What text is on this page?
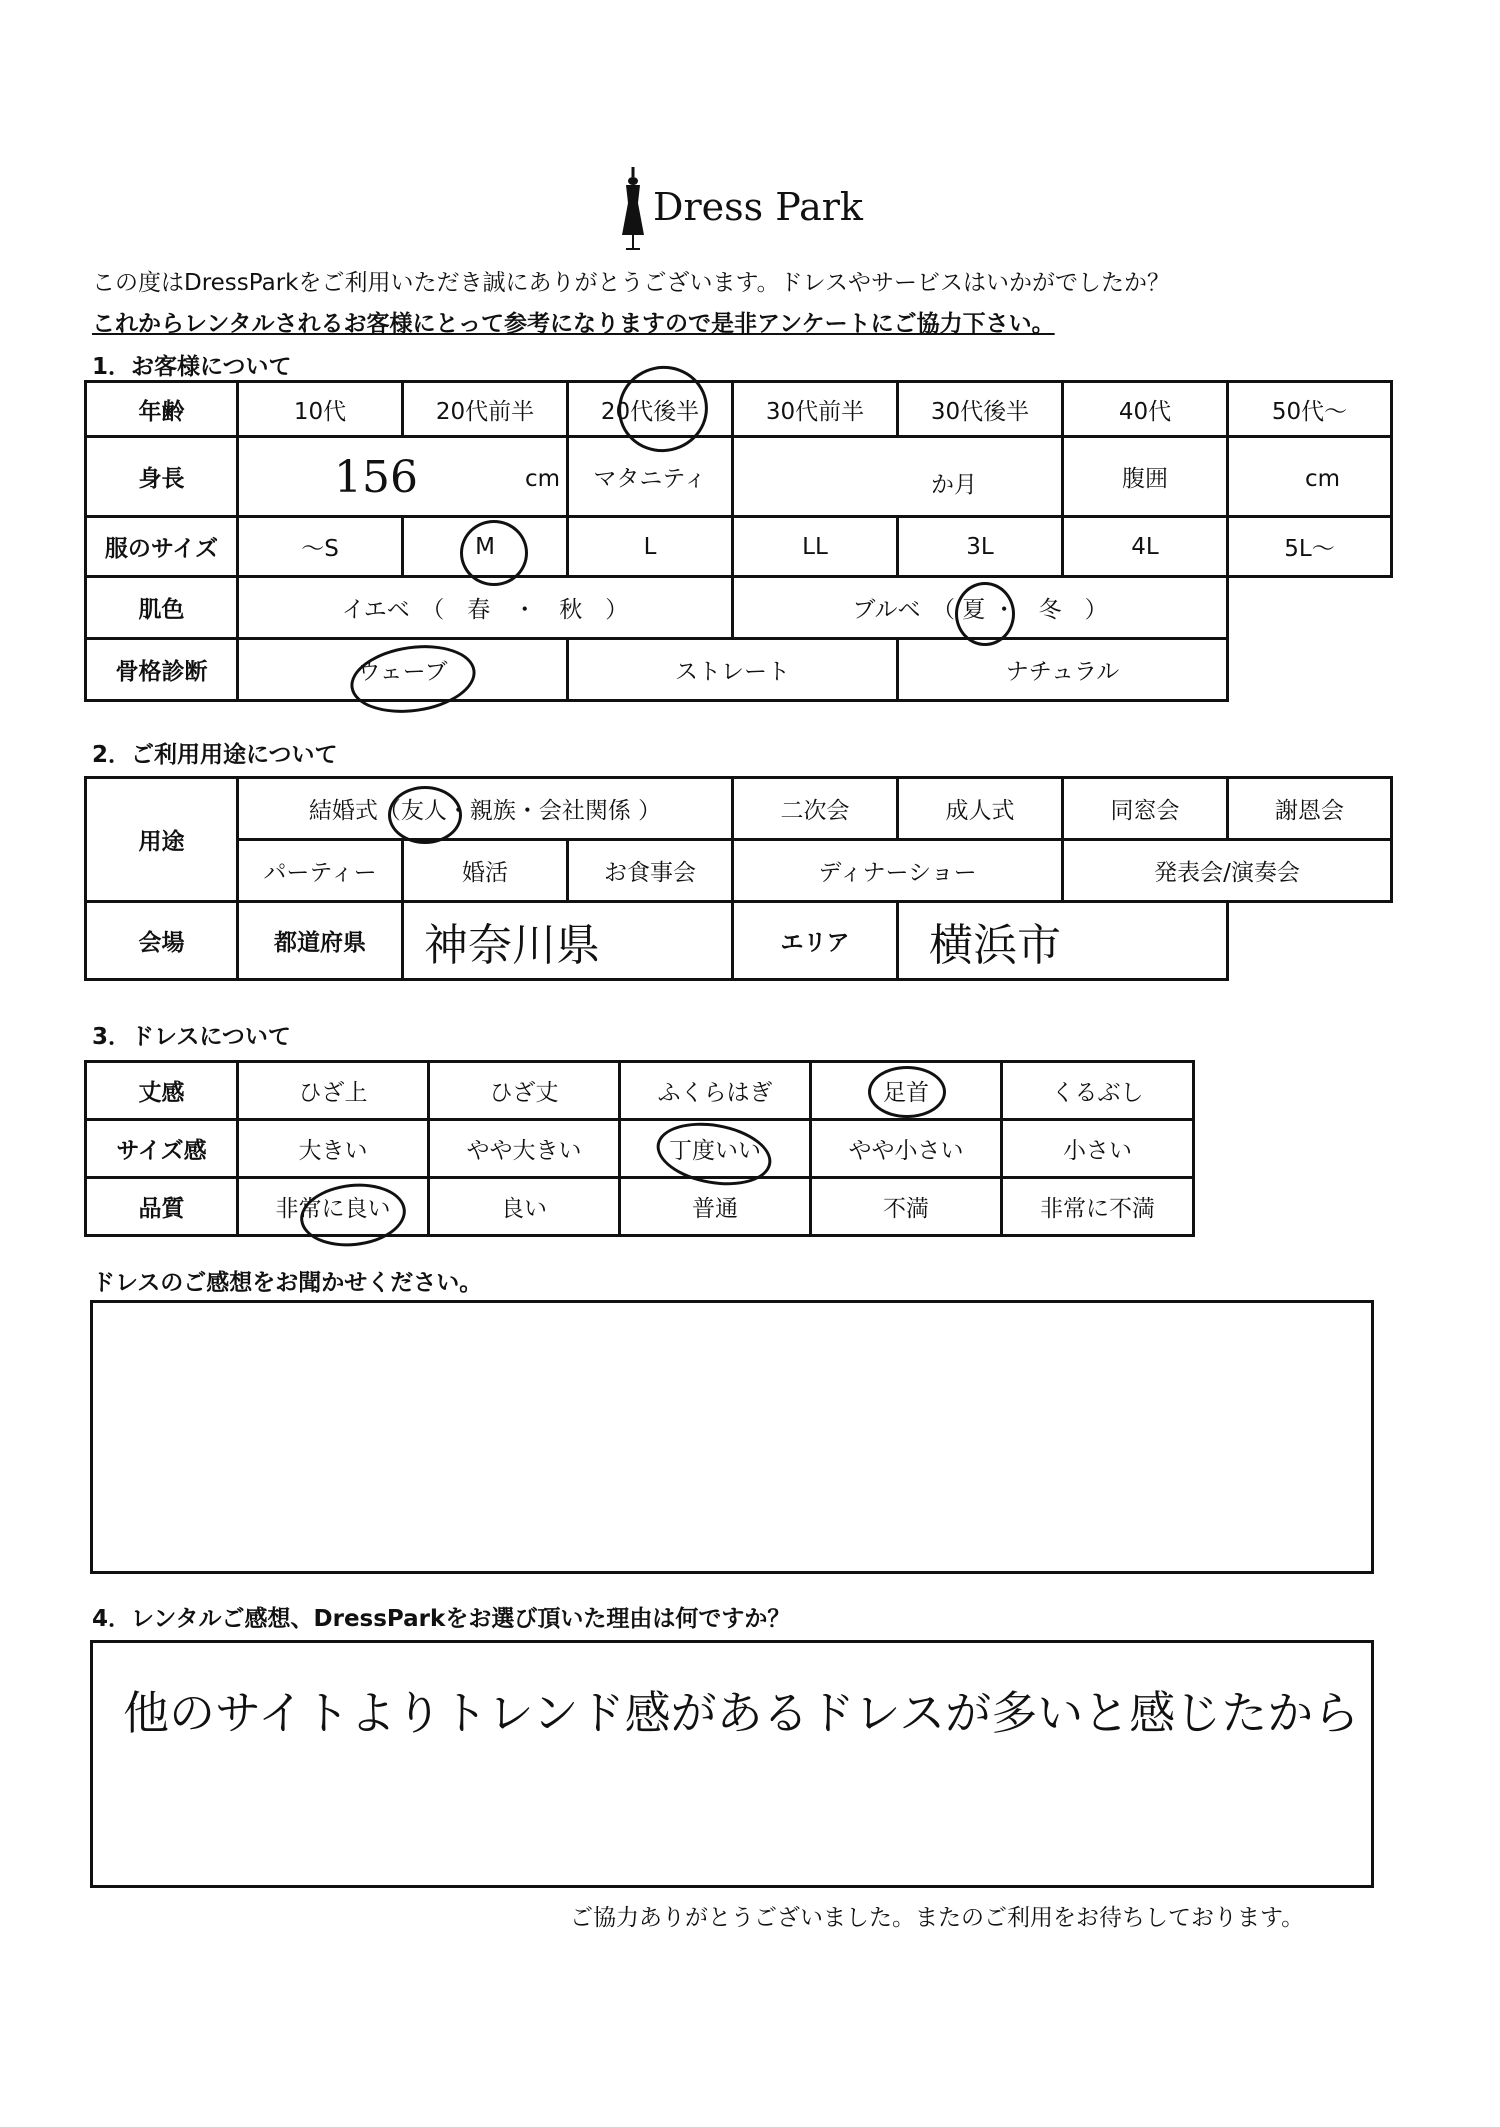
Dress Park
この度はDressParkをご利用いただき誠にありがとうございます。ドレスやサービスはいかがでしたか？
これからレンタルされるお客様にとって参考になりますので是非アンケートにご協力下さい。
1．お客様について
年齢	10代	20代前半	20代後半	30代前半	30代後半	40代	50代〜
身長	156 cm		マタニティ	か月		腹囲	cm

服のサイズ	〜S	M	L	LL	3L	4L	5L〜
肌色	イエベ　（　春　・　秋　）			ブルベ　（ 夏 ・　冬　）			
骨格診断	ウェーブ		ストレート		ナチュラル		
2．ご利用用途について
用途	結婚式（友人・親族・会社関係 ）			二次会	成人式	同窓会	謝恩会
	パーティー	婚活	お食事会	ディナーショー		発表会/演奏会	
会場	都道府県	神奈川県		エリア	横浜市		
3．ドレスについて
丈感	ひざ上	ひざ丈	ふくらはぎ	足首	くるぶし
サイズ感	大きい	やや大きい	丁度いい	やや小さい	小さい
品質	非常に良い	良い	普通	不満	非常に不満
ドレスのご感想をお聞かせください。
4．レンタルご感想、DressParkをお選び頂いた理由は何ですか？
他のサイトよりトレンド感があるドレスが多いと感じたから
ご協力ありがとうございました。またのご利用をお待ちしております。
